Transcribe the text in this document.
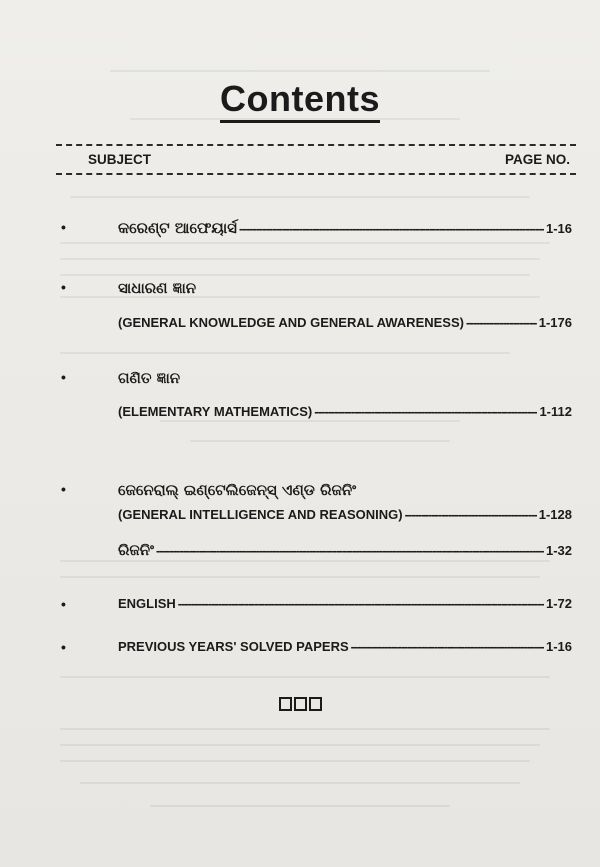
Contents
SUBJECT	PAGE NO.
•	କରେଣ୍ଟ ଆଫେୟାର୍ସ -----	1-16
•	ସାଧାରଣ ଜ୍ଞାନ
(GENERAL KNOWLEDGE AND GENERAL AWARENESS) -----	1-176
•	ଗଣିତ ଜ୍ଞାନ
(ELEMENTARY MATHEMATICS) -----	1-112
•	ଜେନେରାଲ୍ ଇଣ୍ଟେଲିଜେନ୍ସ୍ ଏଣ୍ଡ ରିଜନିଂ
(GENERAL INTELLIGENCE AND REASONING) -----	1-128
ରିଜନିଂ -----	1-32
•	ENGLISH -----	1-72
•	PREVIOUS YEARS' SOLVED PAPERS -----	1-16
